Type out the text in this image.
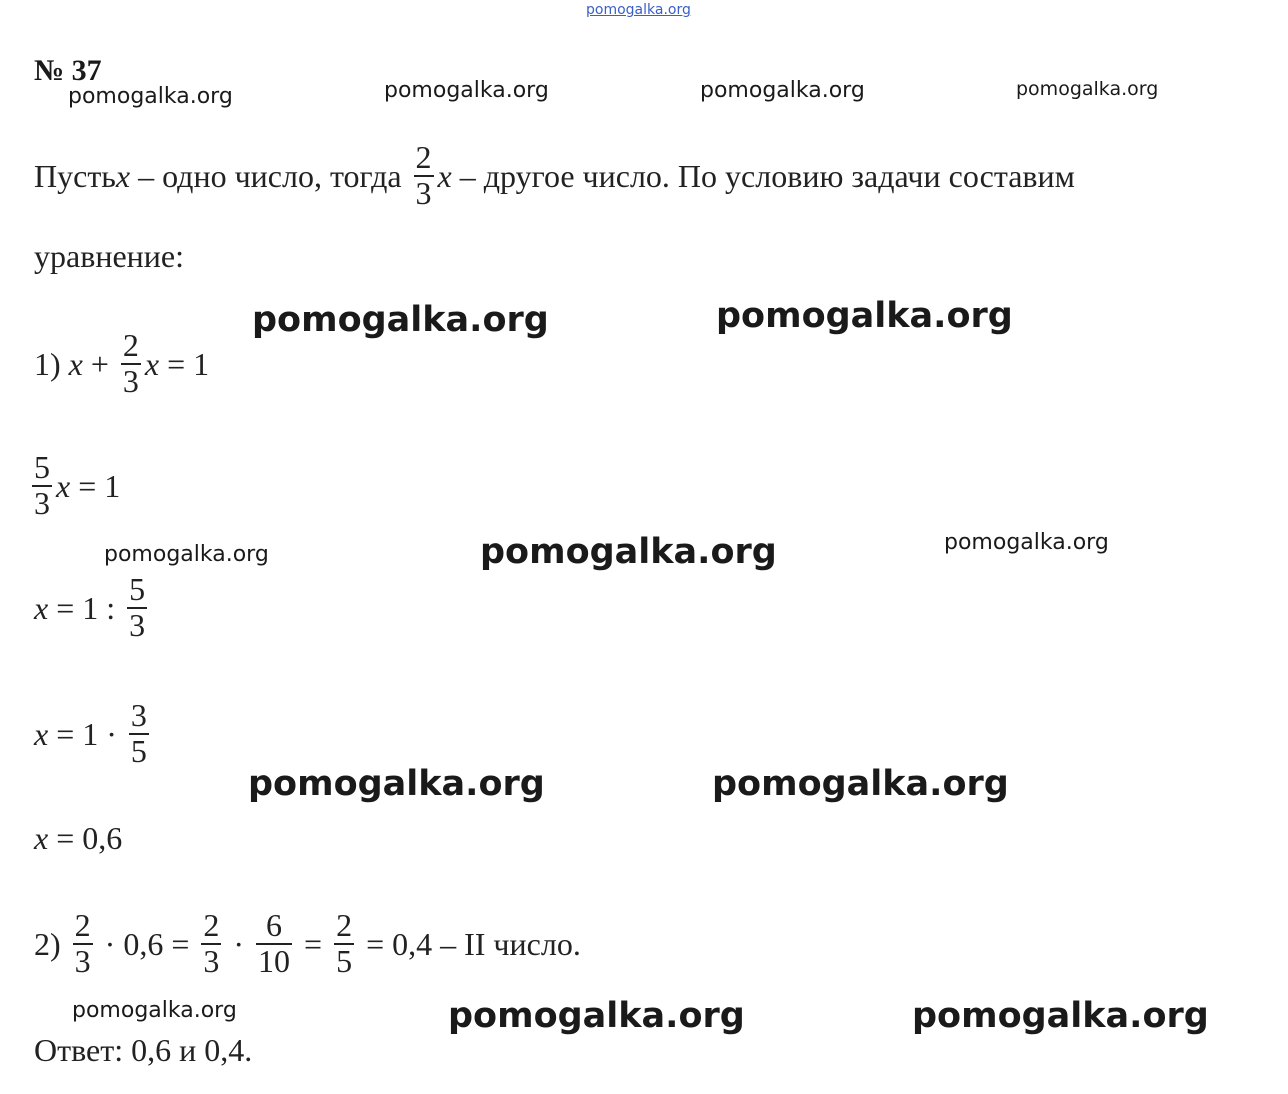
pomogalka.org
№ 37
pomogalka.org	pomogalka.org	pomogalka.org	pomogalka.org
Пусть x – одно число, тогда $\frac{2}{3}$ x – другое число. По условию задачи составим
уравнение:
pomogalka.org	pomogalka.org
1) $x + \frac{2}{3}$ x = 1
$\frac{5}{3}$ x = 1
pomogalka.org	pomogalka.org	pomogalka.org
x = 1 : $\frac{5}{3}$
$x = 1 \cdot \frac{3}{5}$
pomogalka.org	pomogalka.org
x = 0,6
$2) \frac{2}{3} \cdot 0,6 = \frac{2}{3} \cdot \frac{6}{10} = \frac{2}{5} = 0,4$ – II число.
pomogalka.org	pomogalka.org	pomogalka.org
Ответ: 0,6 и 0,4.
